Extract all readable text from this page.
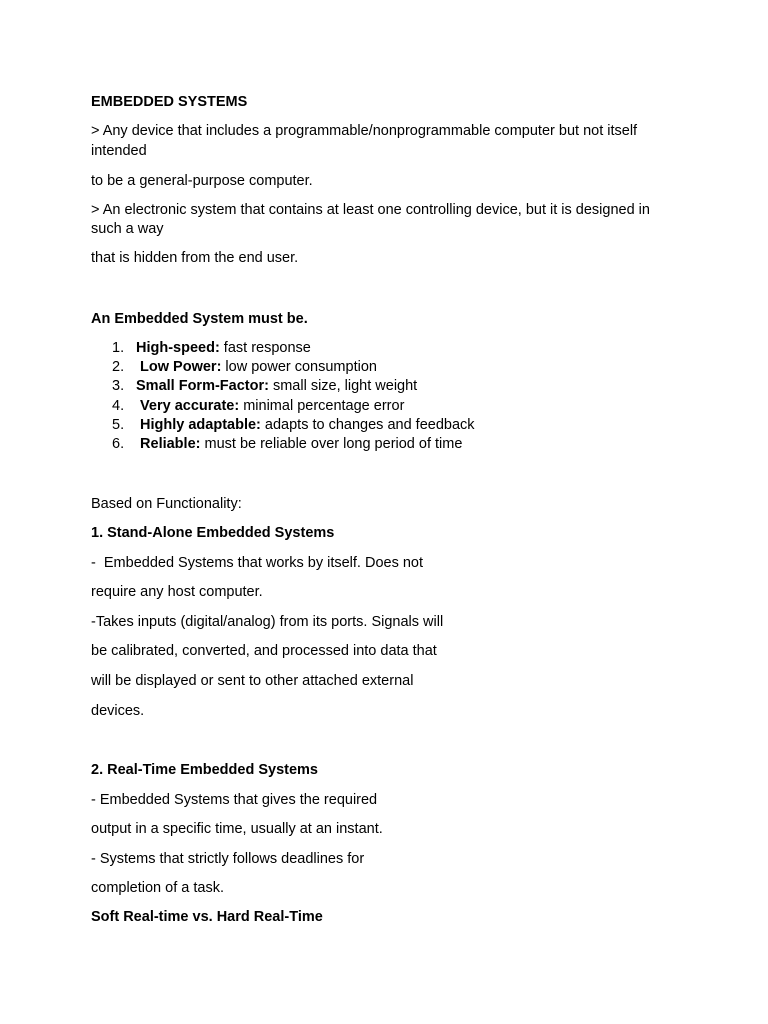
EMBEDDED SYSTEMS
> Any device that includes a programmable/nonprogrammable computer but not itself
intended
to be a general-purpose computer.
> An electronic system that contains at least one controlling device, but it is designed in
such a way
that is hidden from the end user.
An Embedded System must be.
1. High-speed: fast response
2. Low Power: low power consumption
3. Small Form-Factor: small size, light weight
4. Very accurate: minimal percentage error
5. Highly adaptable: adapts to changes and feedback
6. Reliable: must be reliable over long period of time
Based on Functionality:
1. Stand-Alone Embedded Systems
-  Embedded Systems that works by itself. Does not
require any host computer.
-Takes inputs (digital/analog) from its ports. Signals will
be calibrated, converted, and processed into data that
will be displayed or sent to other attached external
devices.
2. Real-Time Embedded Systems
- Embedded Systems that gives the required
output in a specific time, usually at an instant.
- Systems that strictly follows deadlines for
completion of a task.
Soft Real-time vs. Hard Real-Time
